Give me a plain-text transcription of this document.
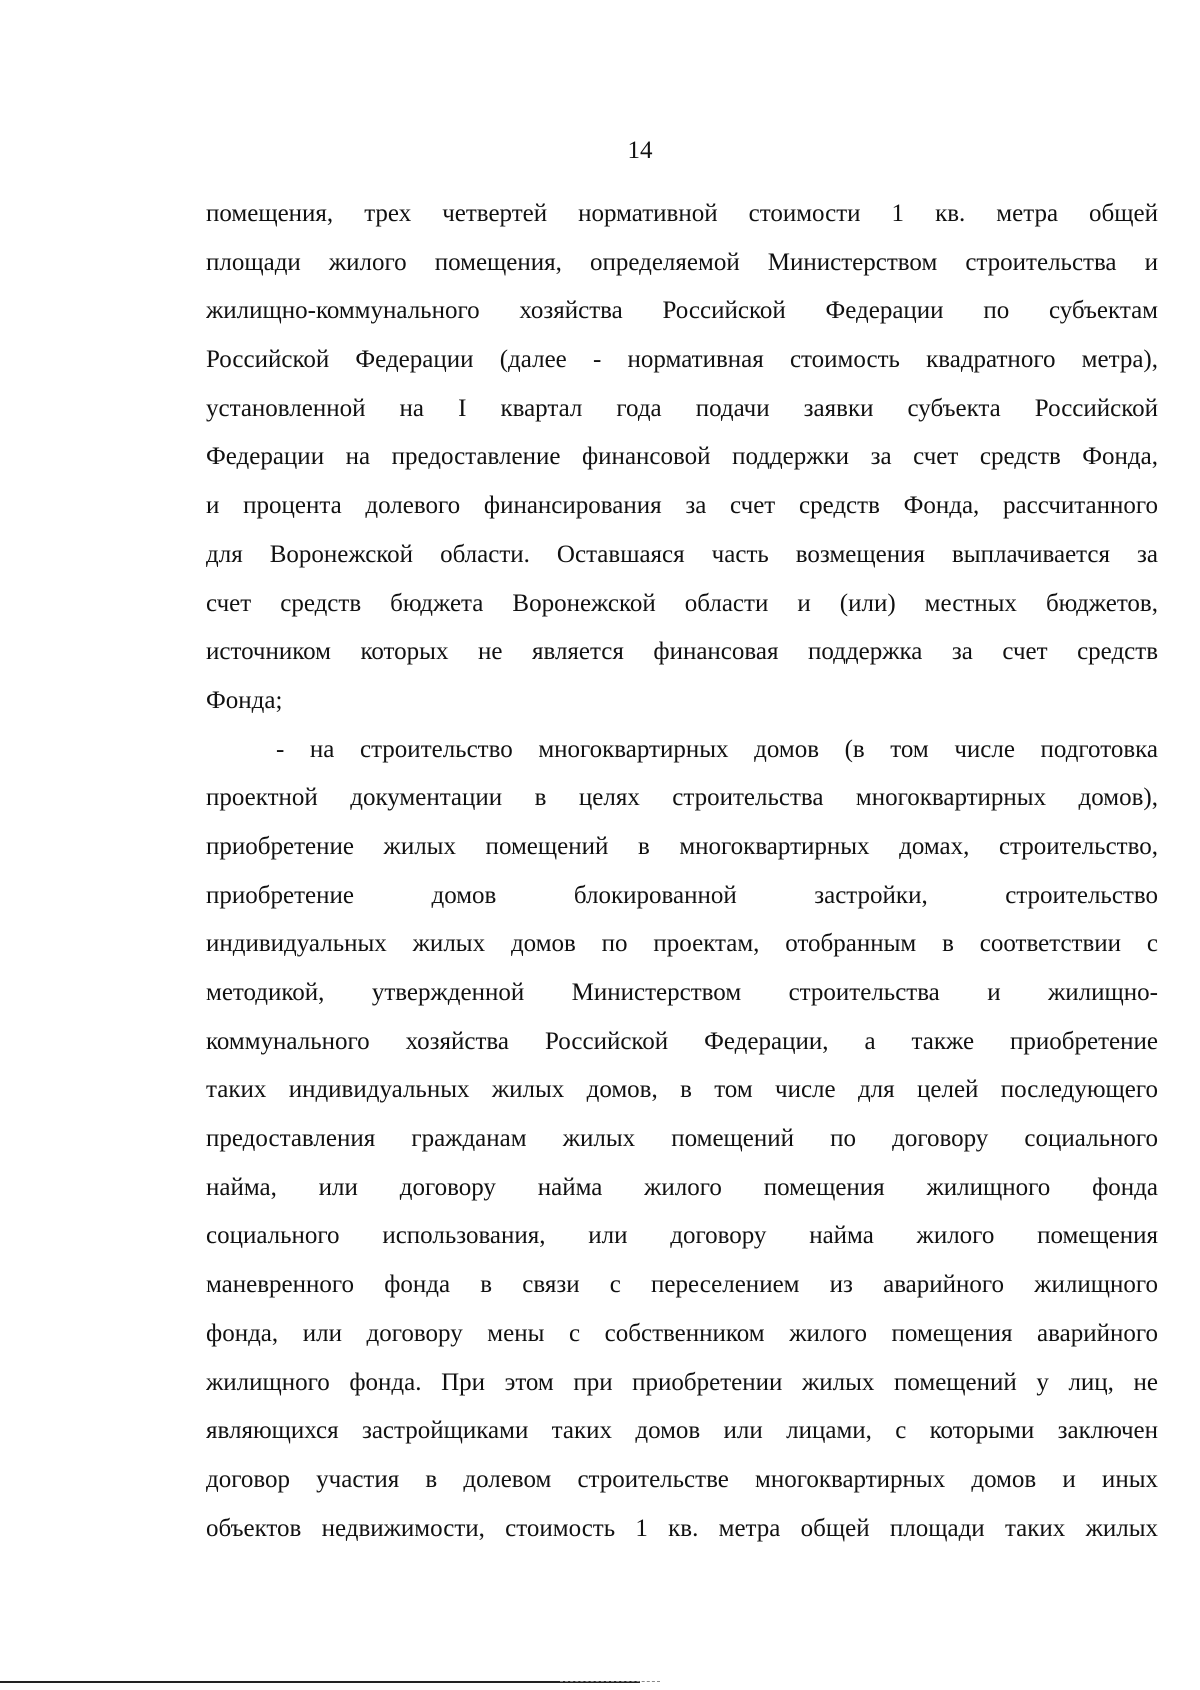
14
помещения, трех четвертей нормативной стоимости 1 кв. метра общей
площади жилого помещения, определяемой Министерством строительства и
жилищно-коммунального хозяйства Российской Федерации по субъектам
Российской Федерации (далее - нормативная стоимость квадратного метра),
установленной на I квартал года подачи заявки субъекта Российской
Федерации на предоставление финансовой поддержки за счет средств Фонда,
и процента долевого финансирования за счет средств Фонда, рассчитанного
для Воронежской области. Оставшаяся часть возмещения выплачивается за
счет средств бюджета Воронежской области и (или) местных бюджетов,
источником которых не является финансовая поддержка за счет средств
Фонда;
- на строительство многоквартирных домов (в том числе подготовка
проектной документации в целях строительства многоквартирных домов),
приобретение жилых помещений в многоквартирных домах, строительство,
приобретение домов блокированной застройки, строительство
индивидуальных жилых домов по проектам, отобранным в соответствии с
методикой, утвержденной Министерством строительства и жилищно-
коммунального хозяйства Российской Федерации, а также приобретение
таких индивидуальных жилых домов, в том числе для целей последующего
предоставления гражданам жилых помещений по договору социального
найма, или договору найма жилого помещения жилищного фонда
социального использования, или договору найма жилого помещения
маневренного фонда в связи с переселением из аварийного жилищного
фонда, или договору мены с собственником жилого помещения аварийного
жилищного фонда. При этом при приобретении жилых помещений у лиц, не
являющихся застройщиками таких домов или лицами, с которыми заключен
договор участия в долевом строительстве многоквартирных домов и иных
объектов недвижимости, стоимость 1 кв. метра общей площади таких жилых
